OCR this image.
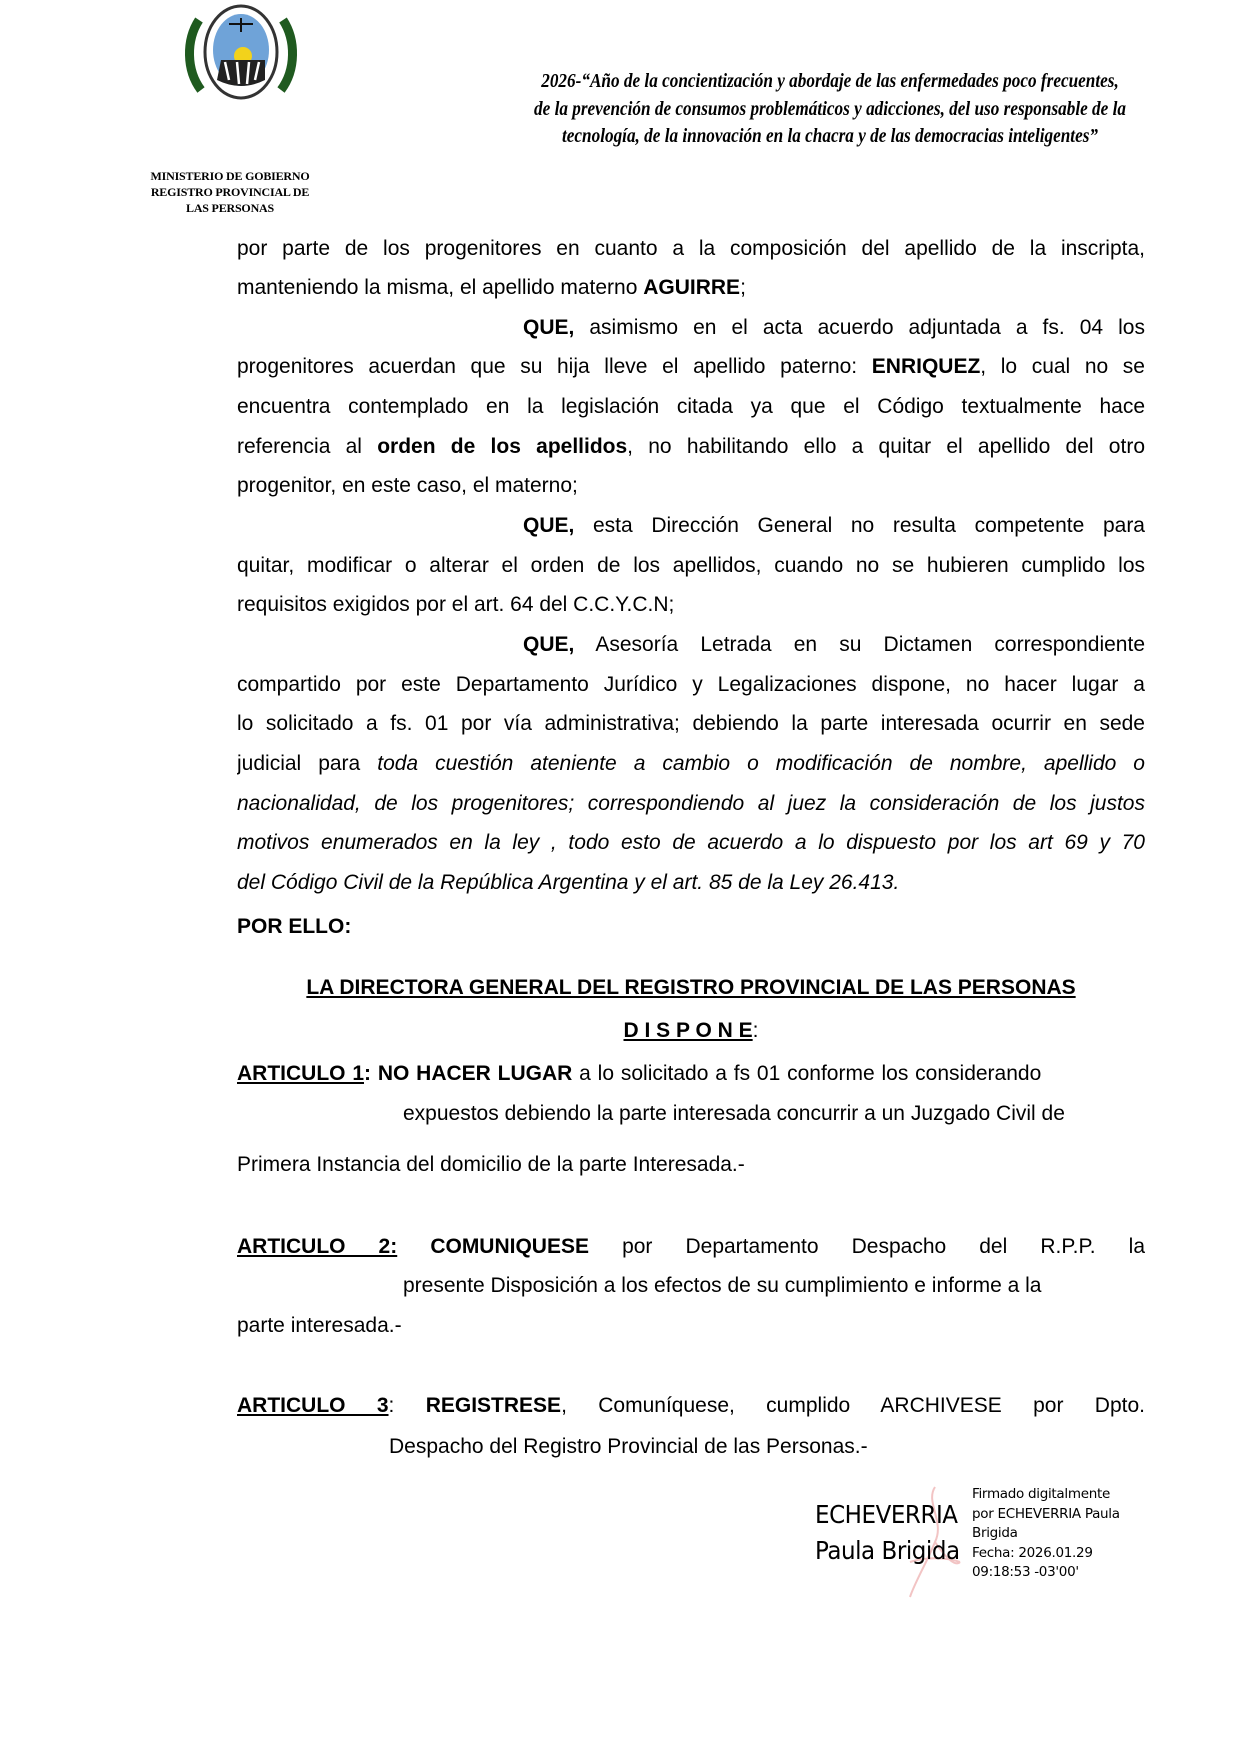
MINISTERIO DE GOBIERNO
REGISTRO PROVINCIAL DE
LAS PERSONAS
2026-“Año de la concientización y abordaje de las enfermedades poco frecuentes,
de la prevención de consumos problemáticos y adicciones, del uso responsable de la
tecnología, de la innovación en la chacra y de las democracias inteligentes”
por parte de los progenitores en cuanto a la composición del apellido de la inscripta,
manteniendo la misma, el apellido materno AGUIRRE;
QUE, asimismo en el acta acuerdo adjuntada a fs. 04 los
progenitores acuerdan que su hija lleve el apellido paterno: ENRIQUEZ, lo cual no se
encuentra contemplado en la legislación citada ya que el Código textualmente hace
referencia al orden de los apellidos, no habilitando ello a quitar el apellido del otro
progenitor, en este caso, el materno;
QUE, esta Dirección General no resulta competente para
quitar, modificar o alterar el orden de los apellidos, cuando no se hubieren cumplido los
requisitos exigidos por el art. 64 del C.C.Y.C.N;
QUE, Asesoría Letrada en su Dictamen correspondiente
compartido por este Departamento Jurídico y Legalizaciones dispone, no hacer lugar a
lo solicitado a fs. 01 por vía administrativa; debiendo la parte interesada ocurrir en sede
judicial para toda cuestión ateniente a cambio o modificación de nombre, apellido o
nacionalidad, de los progenitores; correspondiendo al juez la consideración de los justos
motivos enumerados en la ley , todo esto de acuerdo a lo dispuesto por los art 69 y 70
del Código Civil de la República Argentina y el art. 85 de la Ley 26.413.
POR ELLO:
LA DIRECTORA GENERAL DEL REGISTRO PROVINCIAL DE LAS PERSONAS
D I S P O N E:
ARTICULO 1: NO HACER LUGAR a lo solicitado a fs 01 conforme los considerando
expuestos debiendo la parte interesada concurrir a un Juzgado Civil de
Primera Instancia del domicilio de la parte Interesada.-
ARTICULO 2: COMUNIQUESE por Departamento Despacho del R.P.P. la
presente Disposición a los efectos de su cumplimiento e informe a la
parte interesada.-
ARTICULO 3: REGISTRESE, Comuníquese, cumplido ARCHIVESE por Dpto.
Despacho del Registro Provincial de las Personas.-
ECHEVERRIA
Paula Brigida
Firmado digitalmente
por ECHEVERRIA Paula
Brigida
Fecha: 2026.01.29
09:18:53 -03'00'
